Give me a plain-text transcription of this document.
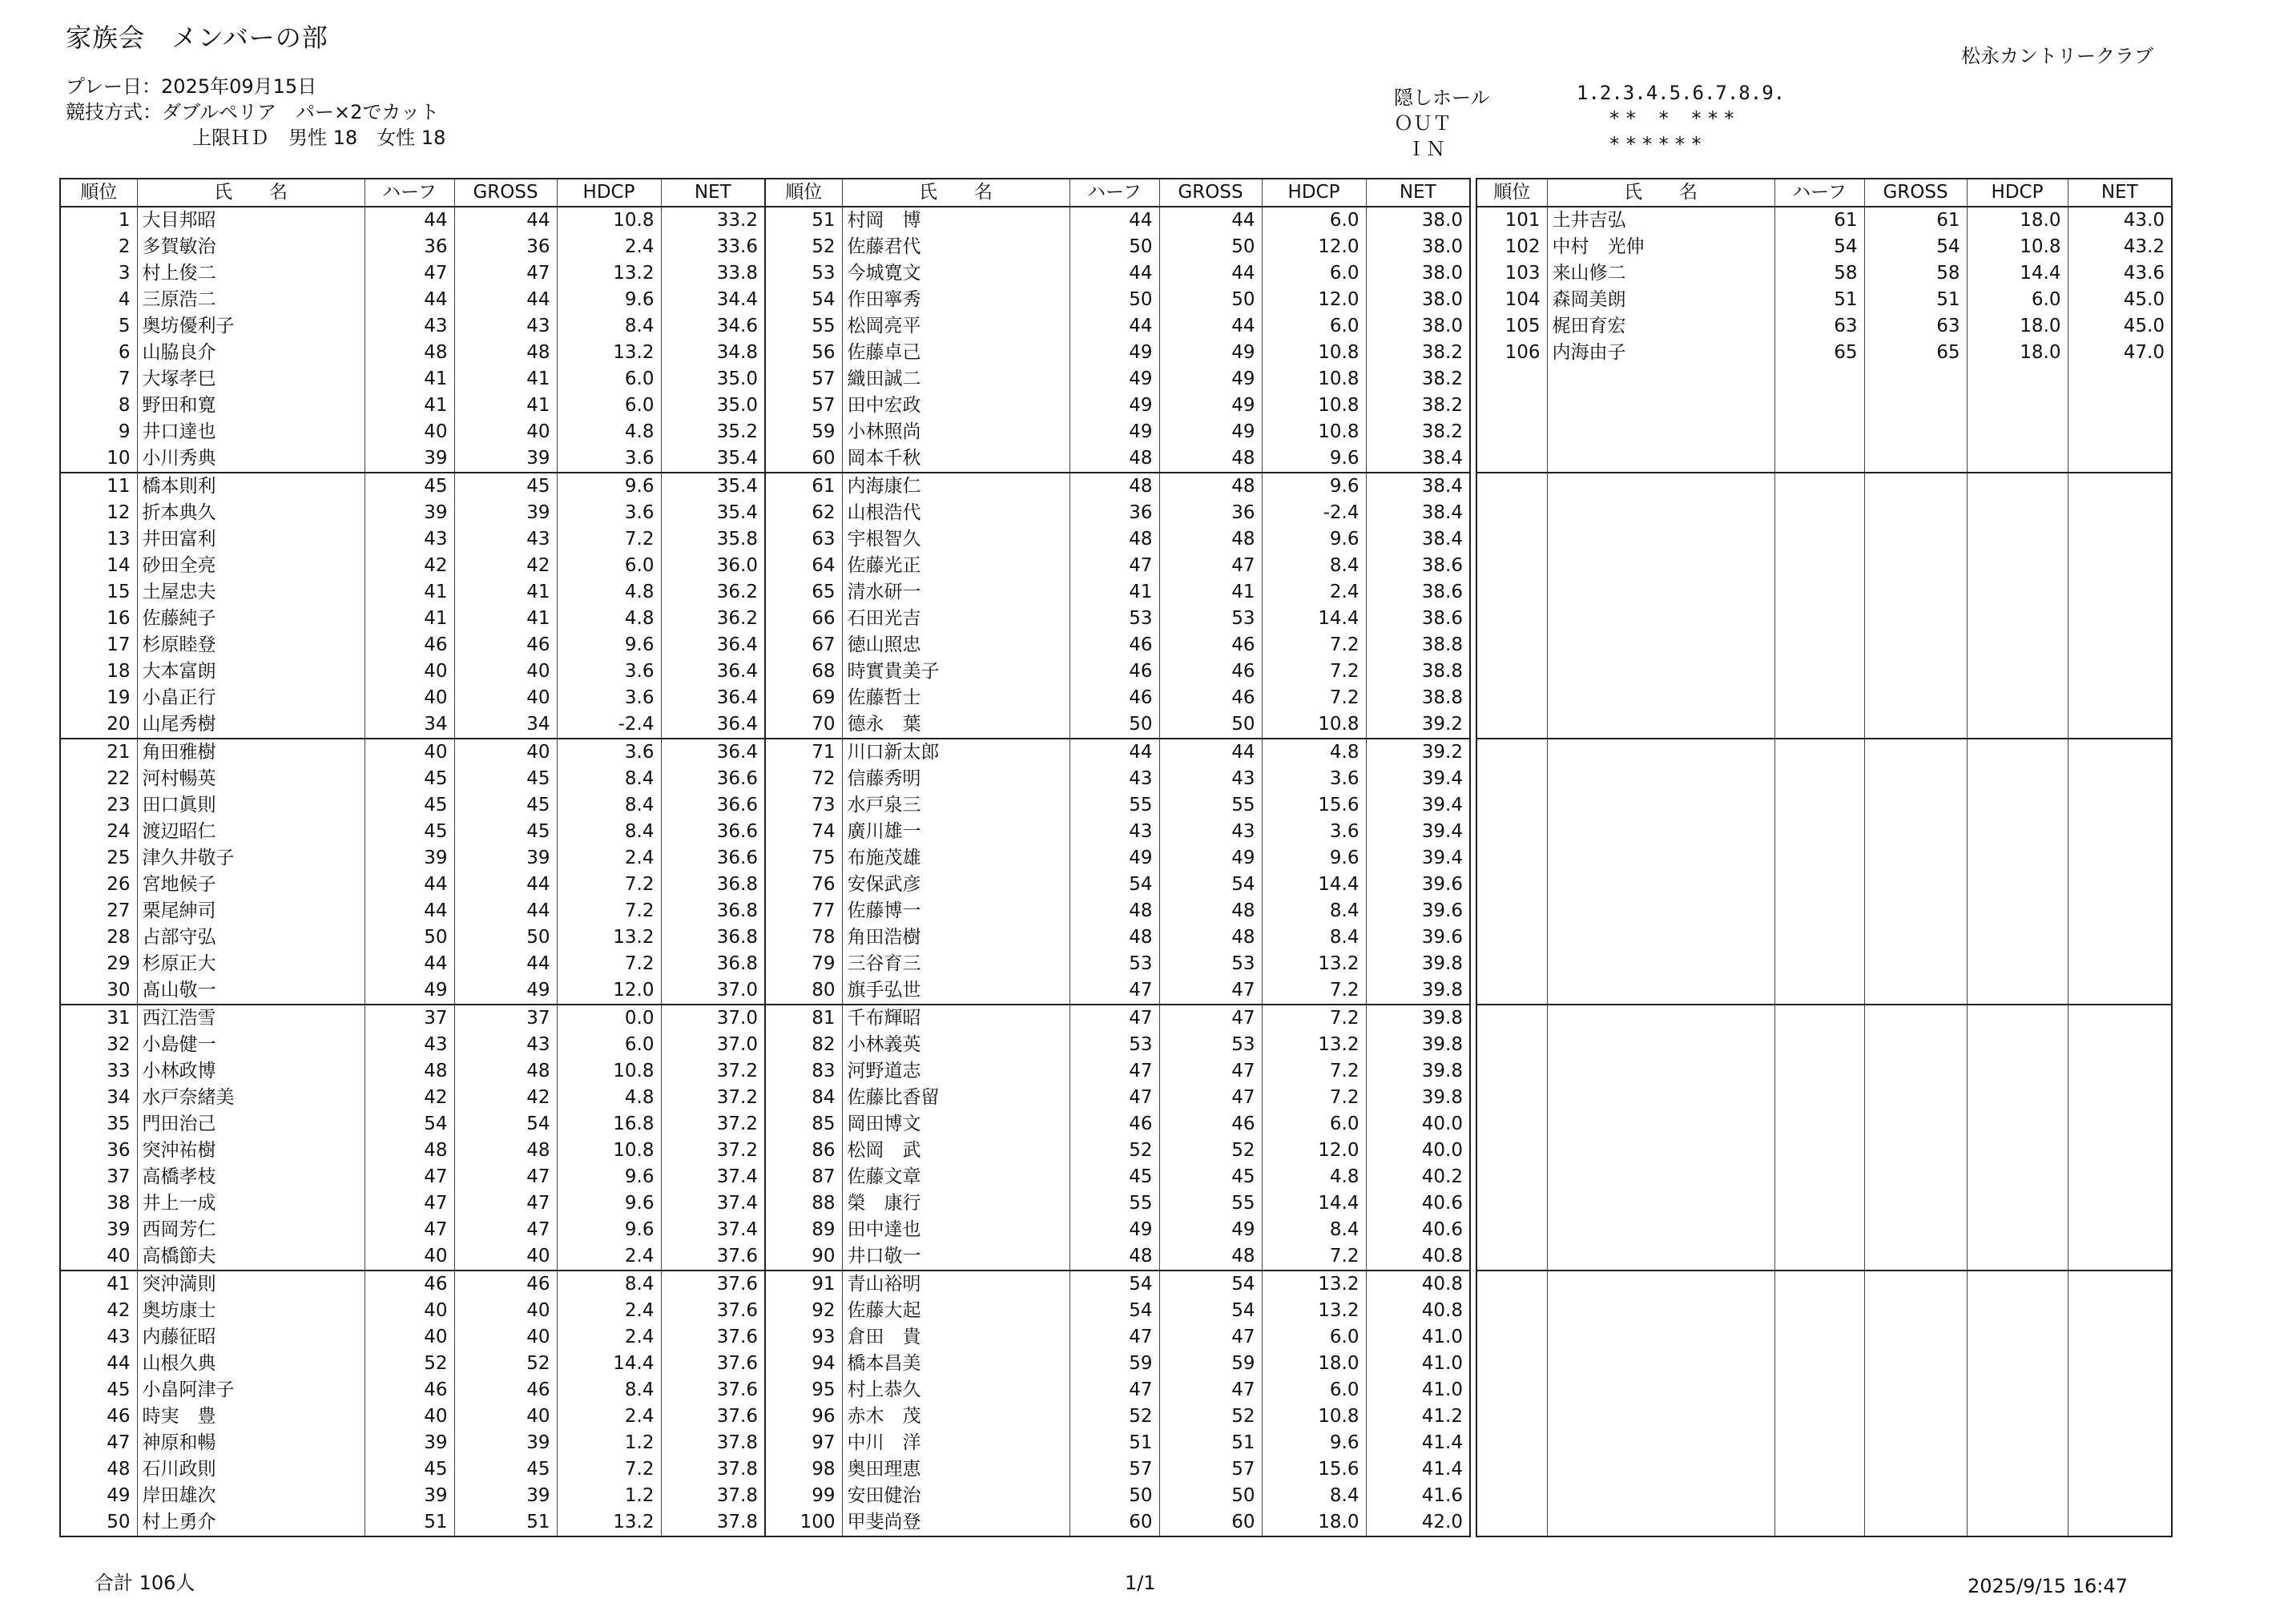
家族会　メンバーの部
松永カントリークラブ
プレー日：2025年09月15日
競技方式：ダブルペリア　パー×2でカット
上限ＨＤ　男性 18　女性 18
隠しホール	1.2.3.4.5.6.7.8.9.
ＯＵＴ	** * ***
ＩＮ	******
順位	氏　　名	ハーフ	GROSS	HDCP	NET
1	大目邦昭	44	44	10.8	33.2
2	多賀敏治	36	36	2.4	33.6
3	村上俊二	47	47	13.2	33.8
4	三原浩二	44	44	9.6	34.4
5	奥坊優利子	43	43	8.4	34.6
6	山脇良介	48	48	13.2	34.8
7	大塚孝巳	41	41	6.0	35.0
8	野田和寛	41	41	6.0	35.0
9	井口達也	40	40	4.8	35.2
10	小川秀典	39	39	3.6	35.4
11	橋本則利	45	45	9.6	35.4
12	折本典久	39	39	3.6	35.4
13	井田富利	43	43	7.2	35.8
14	砂田全亮	42	42	6.0	36.0
15	土屋忠夫	41	41	4.8	36.2
16	佐藤純子	41	41	4.8	36.2
17	杉原睦登	46	46	9.6	36.4
18	大本富朗	40	40	3.6	36.4
19	小畠正行	40	40	3.6	36.4
20	山尾秀樹	34	34	-2.4	36.4
21	角田雅樹	40	40	3.6	36.4
22	河村暢英	45	45	8.4	36.6
23	田口眞則	45	45	8.4	36.6
24	渡辺昭仁	45	45	8.4	36.6
25	津久井敬子	39	39	2.4	36.6
26	宮地候子	44	44	7.2	36.8
27	栗尾紳司	44	44	7.2	36.8
28	占部守弘	50	50	13.2	36.8
29	杉原正大	44	44	7.2	36.8
30	髙山敬一	49	49	12.0	37.0
31	西江浩雪	37	37	0.0	37.0
32	小島健一	43	43	6.0	37.0
33	小林政博	48	48	10.8	37.2
34	水戸奈緒美	42	42	4.8	37.2
35	門田治己	54	54	16.8	37.2
36	突沖祐樹	48	48	10.8	37.2
37	高橋孝枝	47	47	9.6	37.4
38	井上一成	47	47	9.6	37.4
39	西岡芳仁	47	47	9.6	37.4
40	高橋節夫	40	40	2.4	37.6
41	突沖満則	46	46	8.4	37.6
42	奥坊康士	40	40	2.4	37.6
43	内藤征昭	40	40	2.4	37.6
44	山根久典	52	52	14.4	37.6
45	小畠阿津子	46	46	8.4	37.6
46	時実　豊	40	40	2.4	37.6
47	神原和暢	39	39	1.2	37.8
48	石川政則	45	45	7.2	37.8
49	岸田雄次	39	39	1.2	37.8
50	村上勇介	51	51	13.2	37.8
順位	氏　　名	ハーフ	GROSS	HDCP	NET
51	村岡　博	44	44	6.0	38.0
52	佐藤君代	50	50	12.0	38.0
53	今城寛文	44	44	6.0	38.0
54	作田寧秀	50	50	12.0	38.0
55	松岡亮平	44	44	6.0	38.0
56	佐藤卓己	49	49	10.8	38.2
57	織田誠二	49	49	10.8	38.2
57	田中宏政	49	49	10.8	38.2
59	小林照尚	49	49	10.8	38.2
60	岡本千秋	48	48	9.6	38.4
61	内海康仁	48	48	9.6	38.4
62	山根浩代	36	36	-2.4	38.4
63	宇根智久	48	48	9.6	38.4
64	佐藤光正	47	47	8.4	38.6
65	清水研一	41	41	2.4	38.6
66	石田光吉	53	53	14.4	38.6
67	徳山照忠	46	46	7.2	38.8
68	時實貴美子	46	46	7.2	38.8
69	佐藤哲士	46	46	7.2	38.8
70	德永　葉	50	50	10.8	39.2
71	川口新太郎	44	44	4.8	39.2
72	信藤秀明	43	43	3.6	39.4
73	水戸泉三	55	55	15.6	39.4
74	廣川雄一	43	43	3.6	39.4
75	布施茂雄	49	49	9.6	39.4
76	安保武彦	54	54	14.4	39.6
77	佐藤博一	48	48	8.4	39.6
78	角田浩樹	48	48	8.4	39.6
79	三谷育三	53	53	13.2	39.8
80	旗手弘世	47	47	7.2	39.8
81	千布輝昭	47	47	7.2	39.8
82	小林義英	53	53	13.2	39.8
83	河野道志	47	47	7.2	39.8
84	佐藤比香留	47	47	7.2	39.8
85	岡田博文	46	46	6.0	40.0
86	松岡　武	52	52	12.0	40.0
87	佐藤文章	45	45	4.8	40.2
88	榮　康行	55	55	14.4	40.6
89	田中達也	49	49	8.4	40.6
90	井口敬一	48	48	7.2	40.8
91	青山裕明	54	54	13.2	40.8
92	佐藤大起	54	54	13.2	40.8
93	倉田　貴	47	47	6.0	41.0
94	橋本昌美	59	59	18.0	41.0
95	村上恭久	47	47	6.0	41.0
96	赤木　茂	52	52	10.8	41.2
97	中川　洋	51	51	9.6	41.4
98	奥田理恵	57	57	15.6	41.4
99	安田健治	50	50	8.4	41.6
100	甲斐尚登	60	60	18.0	42.0
順位	氏　　名	ハーフ	GROSS	HDCP	NET
101	土井吉弘	61	61	18.0	43.0
102	中村　光伸	54	54	10.8	43.2
103	来山修二	58	58	14.4	43.6
104	森岡美朗	51	51	6.0	45.0
105	梶田育宏	63	63	18.0	45.0
106	内海由子	65	65	18.0	47.0

合計 106人	1/1	2025/9/15 16:47
